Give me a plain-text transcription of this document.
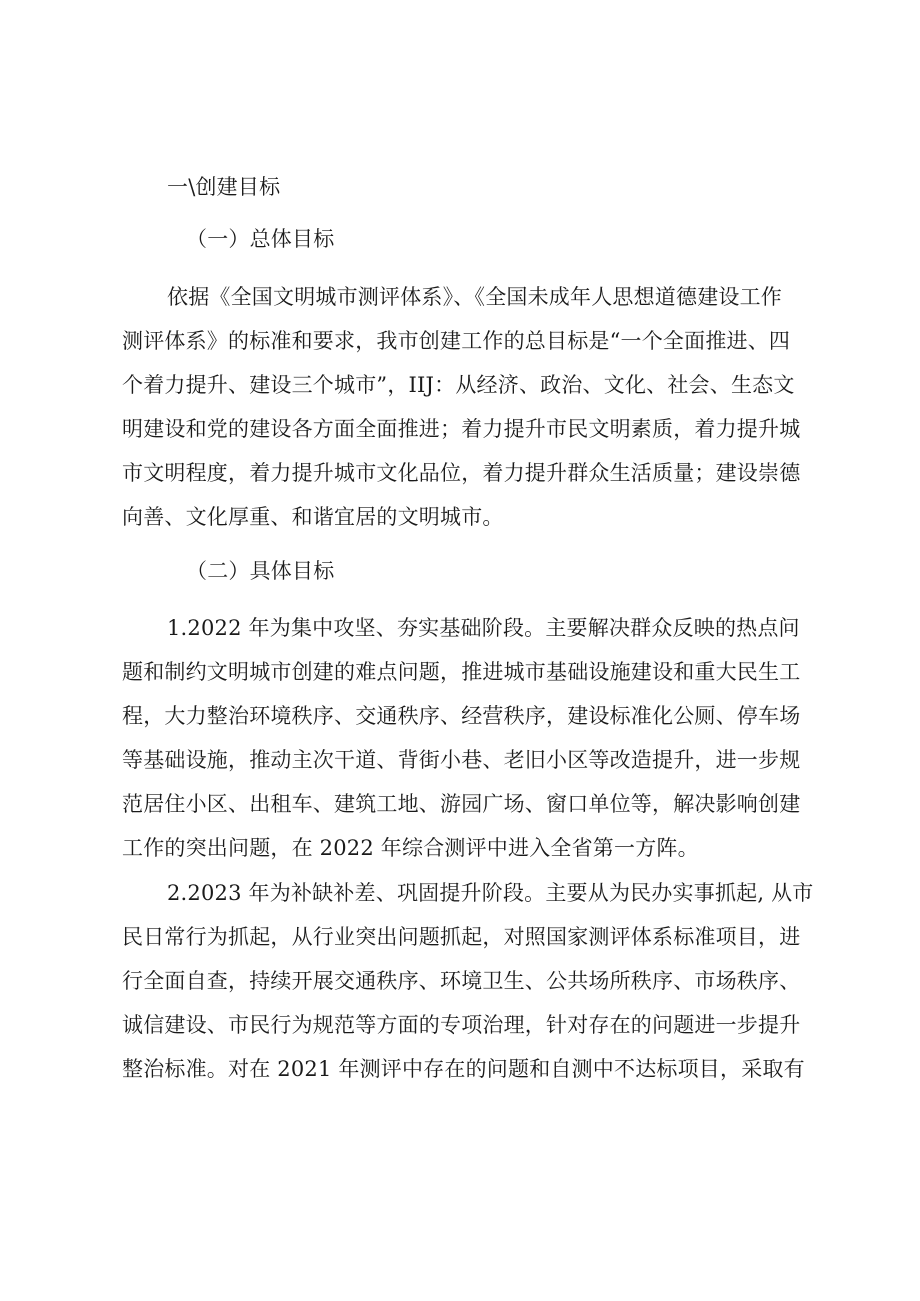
一\创建目标
（一）总体目标
依据《全国文明城市测评体系》、《全国未成年人思想道德建设工作
测评体系》的标准和要求，我市创建工作的总目标是“一个全面推进、四
个着力提升、建设三个城市”，IIJ：从经济、政治、文化、社会、生态文
明建设和党的建设各方面全面推进；着力提升市民文明素质，着力提升城
市文明程度，着力提升城市文化品位，着力提升群众生活质量；建设崇德
向善、文化厚重、和谐宜居的文明城市。
（二）具体目标
1.2022 年为集中攻坚、夯实基础阶段。主要解决群众反映的热点问
题和制约文明城市创建的难点问题，推进城市基础设施建设和重大民生工
程，大力整治环境秩序、交通秩序、经营秩序，建设标准化公厕、停车场
等基础设施，推动主次干道、背街小巷、老旧小区等改造提升，进一步规
范居住小区、出租车、建筑工地、游园广场、窗口单位等，解决影响创建
工作的突出问题，在 2022 年综合测评中进入全省第一方阵。
2.2023 年为补缺补差、巩固提升阶段。主要从为民办实事抓起, 从市
民日常行为抓起，从行业突出问题抓起，对照国家测评体系标准项目，进
行全面自查，持续开展交通秩序、环境卫生、公共场所秩序、市场秩序、
诚信建设、市民行为规范等方面的专项治理，针对存在的问题进一步提升
整治标准。对在 2021 年测评中存在的问题和自测中不达标项目，采取有
